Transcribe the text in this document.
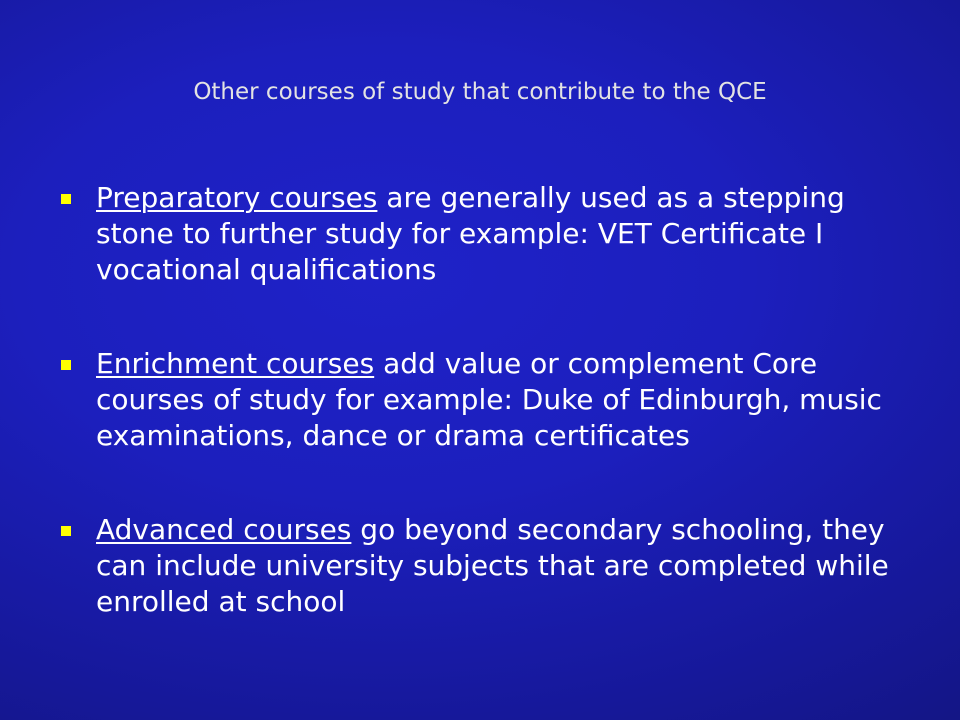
Other courses of study that contribute to the QCE
Preparatory courses are generally used as a stepping stone to further study for example: VET Certificate I vocational qualifications
Enrichment courses add value or complement Core courses of study for example: Duke of Edinburgh, music examinations, dance or drama certificates
Advanced courses go beyond secondary schooling, they can include university subjects that are completed while enrolled at school
